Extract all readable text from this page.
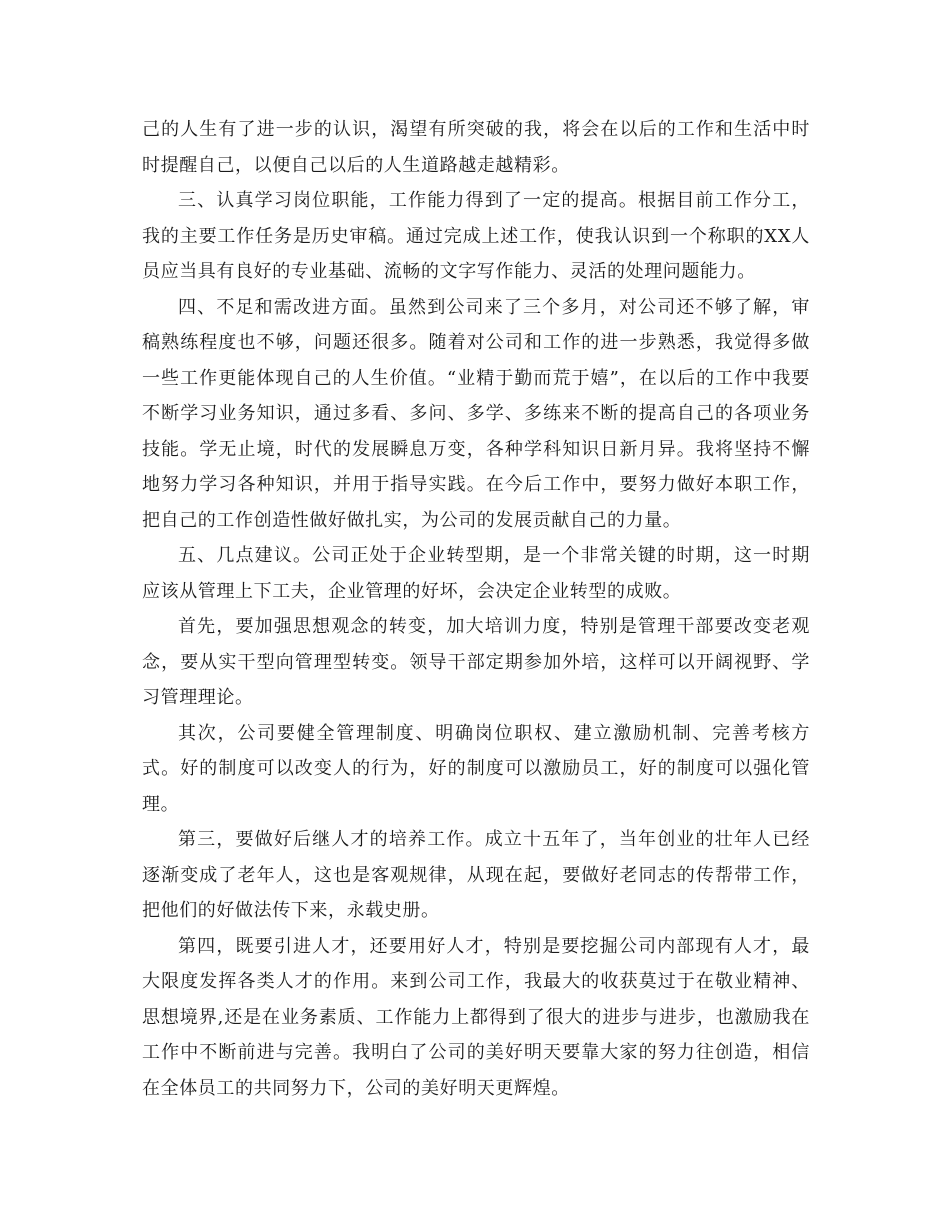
己的人生有了进一步的认识，渴望有所突破的我，将会在以后的工作和生活中时时提醒自己，以便自己以后的人生道路越走越精彩。

三、认真学习岗位职能，工作能力得到了一定的提高。根据目前工作分工，我的主要工作任务是历史审稿。通过完成上述工作，使我认识到一个称职的XX人员应当具有良好的专业基础、流畅的文字写作能力、灵活的处理问题能力。

四、不足和需改进方面。虽然到公司来了三个多月，对公司还不够了解，审稿熟练程度也不够，问题还很多。随着对公司和工作的进一步熟悉，我觉得多做一些工作更能体现自己的人生价值。“业精于勤而荒于嬉”，在以后的工作中我要不断学习业务知识，通过多看、多问、多学、多练来不断的提高自己的各项业务技能。学无止境，时代的发展瞬息万变，各种学科知识日新月异。我将坚持不懈地努力学习各种知识，并用于指导实践。在今后工作中，要努力做好本职工作，把自己的工作创造性做好做扎实，为公司的发展贡献自己的力量。

五、几点建议。公司正处于企业转型期，是一个非常关键的时期，这一时期应该从管理上下工夫，企业管理的好坏，会决定企业转型的成败。

首先，要加强思想观念的转变，加大培训力度，特别是管理干部要改变老观念，要从实干型向管理型转变。领导干部定期参加外培，这样可以开阔视野、学习管理理论。

其次，公司要健全管理制度、明确岗位职权、建立激励机制、完善考核方式。好的制度可以改变人的行为，好的制度可以激励员工，好的制度可以强化管理。

第三，要做好后继人才的培养工作。成立十五年了，当年创业的壮年人已经逐渐变成了老年人，这也是客观规律，从现在起，要做好老同志的传帮带工作，把他们的好做法传下来，永载史册。

第四，既要引进人才，还要用好人才，特别是要挖掘公司内部现有人才，最大限度发挥各类人才的作用。来到公司工作，我最大的收获莫过于在敬业精神、思想境界,还是在业务素质、工作能力上都得到了很大的进步与进步，也激励我在工作中不断前进与完善。我明白了公司的美好明天要靠大家的努力往创造，相信在全体员工的共同努力下，公司的美好明天更辉煌。
